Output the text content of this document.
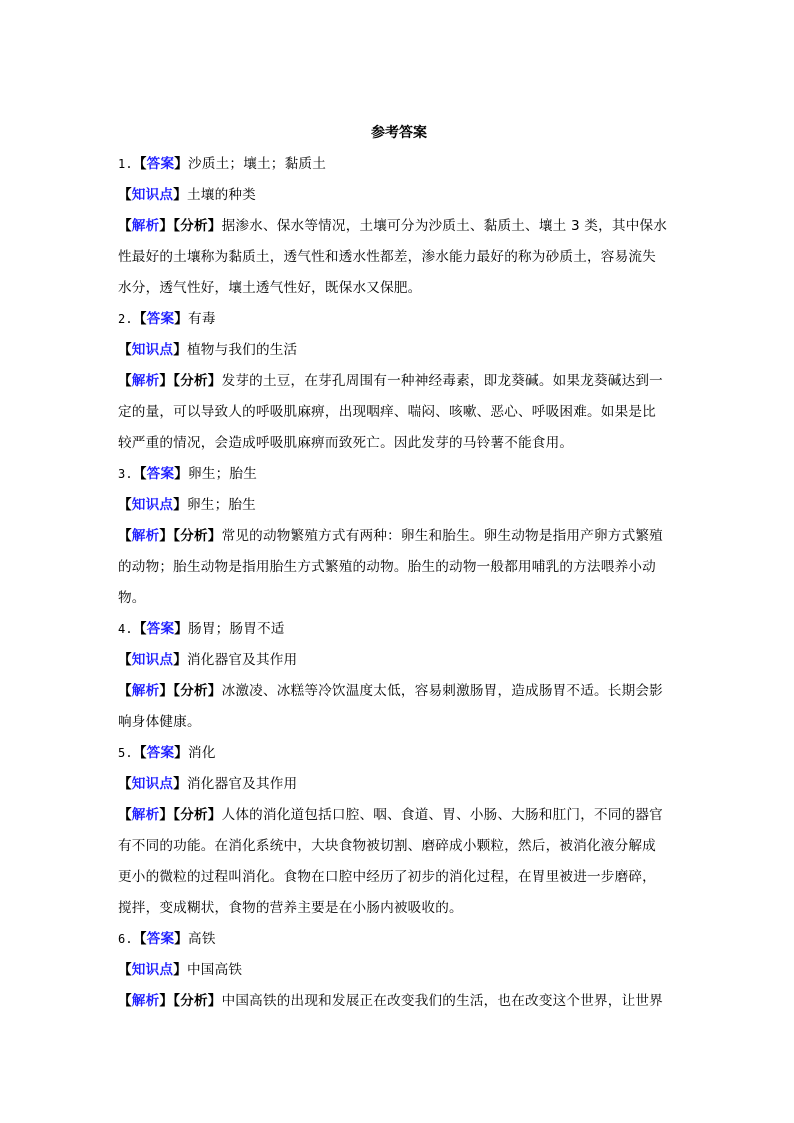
参考答案
1.【答案】沙质土；壤土；黏质土
【知识点】土壤的种类
【解析】【分析】据渗水、保水等情况，土壤可分为沙质土、黏质土、壤土 3 类，其中保水
性最好的土壤称为黏质土，透气性和透水性都差，渗水能力最好的称为砂质土，容易流失
水分，透气性好，壤土透气性好，既保水又保肥。
2.【答案】有毒
【知识点】植物与我们的生活
【解析】【分析】发芽的土豆，在芽孔周围有一种神经毒素，即龙葵碱。如果龙葵碱达到一
定的量，可以导致人的呼吸肌麻痹，出现咽痒、喘闷、咳嗽、恶心、呼吸困难。如果是比
较严重的情况，会造成呼吸肌麻痹而致死亡。因此发芽的马铃薯不能食用。
3.【答案】卵生；胎生
【知识点】卵生；胎生
【解析】【分析】常见的动物繁殖方式有两种：卵生和胎生。卵生动物是指用产卵方式繁殖
的动物；胎生动物是指用胎生方式繁殖的动物。胎生的动物一般都用哺乳的方法喂养小动
物。
4.【答案】肠胃；肠胃不适
【知识点】消化器官及其作用
【解析】【分析】冰激凌、冰糕等冷饮温度太低，容易刺激肠胃，造成肠胃不适。长期会影
响身体健康。
5.【答案】消化
【知识点】消化器官及其作用
【解析】【分析】人体的消化道包括口腔、咽、食道、胃、小肠、大肠和肛门，不同的器官
有不同的功能。在消化系统中，大块食物被切割、磨碎成小颗粒，然后，被消化液分解成
更小的微粒的过程叫消化。食物在口腔中经历了初步的消化过程，在胃里被进一步磨碎，
搅拌，变成糊状，食物的营养主要是在小肠内被吸收的。
6.【答案】高铁
【知识点】中国高铁
【解析】【分析】中国高铁的出现和发展正在改变我们的生活，也在改变这个世界，让世界
